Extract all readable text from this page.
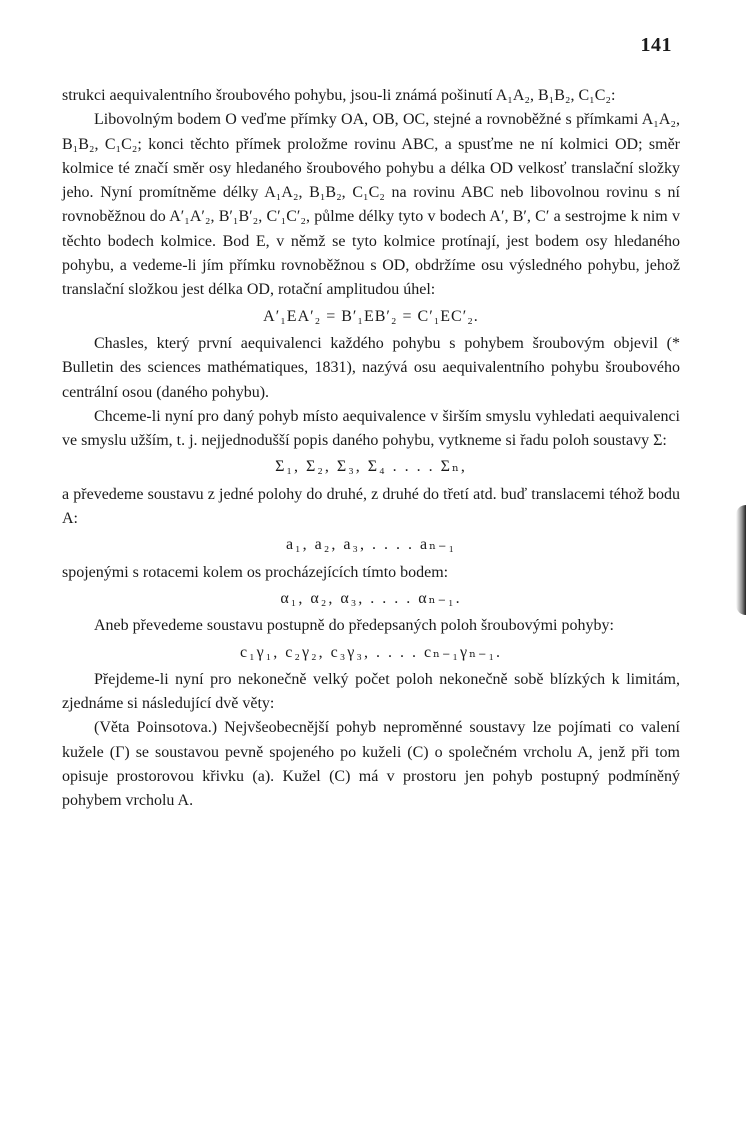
141

strukci aequivalentního šroubového pohybu, jsou-li známá pošinutí A₁A₂, B₁B₂, C₁C₂:

Libovolným bodem O veďme přímky OA, OB, OC, stejné a rovnoběžné s přímkami A₁A₂, B₁B₂, C₁C₂; konci těchto přímek proložme rovinu ABC, a spusťme ne ní kolmici OD; směr kolmice té značí směr osy hledaného šroubového pohybu a délka OD velkosť translační složky jeho. Nyní promítněme délky A₁A₂, B₁B₂, C₁C₂ na rovinu ABC neb libovolnou rovinu s ní rovnoběžnou do A′₁A′₂, B′₁B′₂, C′₁C′₂, půlme délky tyto v bodech A′, B′, C′ a sestrojme k nim v těchto bodech kolmice. Bod E, v němž se tyto kolmice protínají, jest bodem osy hledaného pohybu, a vedeme-li jím přímku rovnoběžnou s OD, obdržíme osu výsledného pohybu, jehož translační složkou jest délka OD, rotační amplitudou úhel:

A′₁EA′₂ = B′₁EB′₂ = C′₁EC′₂.

Chasles, který první aequivalenci každého pohybu s pohybem šroubovým objevil (* Bulletin des sciences mathématiques, 1831), nazývá osu aequivalentního pohybu šroubového centrální osou (daného pohybu).

Chceme-li nyní pro daný pohyb místo aequivalence v širším smyslu vyhledati aequivalenci ve smyslu užším, t. j. nejjednodušší popis daného pohybu, vytkneme si řadu poloh soustavy Σ:

Σ₁, Σ₂, Σ₃, Σ₄ . . . . Σₙ,

a převedeme soustavu z jedné polohy do druhé, z druhé do třetí atd. buď translacemi téhož bodu A:

a₁, a₂, a₃, . . . . aₙ₋₁

spojenými s rotacemi kolem os procházejících tímto bodem:

α₁, α₂, α₃, . . . . αₙ₋₁.

Aneb převedeme soustavu postupně do předepsaných poloh šroubovými pohyby:

c₁γ₁, c₂γ₂, c₃γ₃, . . . . cₙ₋₁γₙ₋₁.

Přejdeme-li nyní pro nekonečně velký počet poloh nekonečně sobě blízkých k limitám, zjednáme si následující dvě věty:

(Věta Poinsotova.) Nejvšeobecnější pohyb neproměnné soustavy lze pojímati co valení kužele (Γ) se soustavou pevně spojeného po kuželi (C) o společném vrcholu A, jenž při tom opisuje prostorovou křivku (a). Kužel (C) má v prostoru jen pohyb postupný podmíněný pohybem vrcholu A.
